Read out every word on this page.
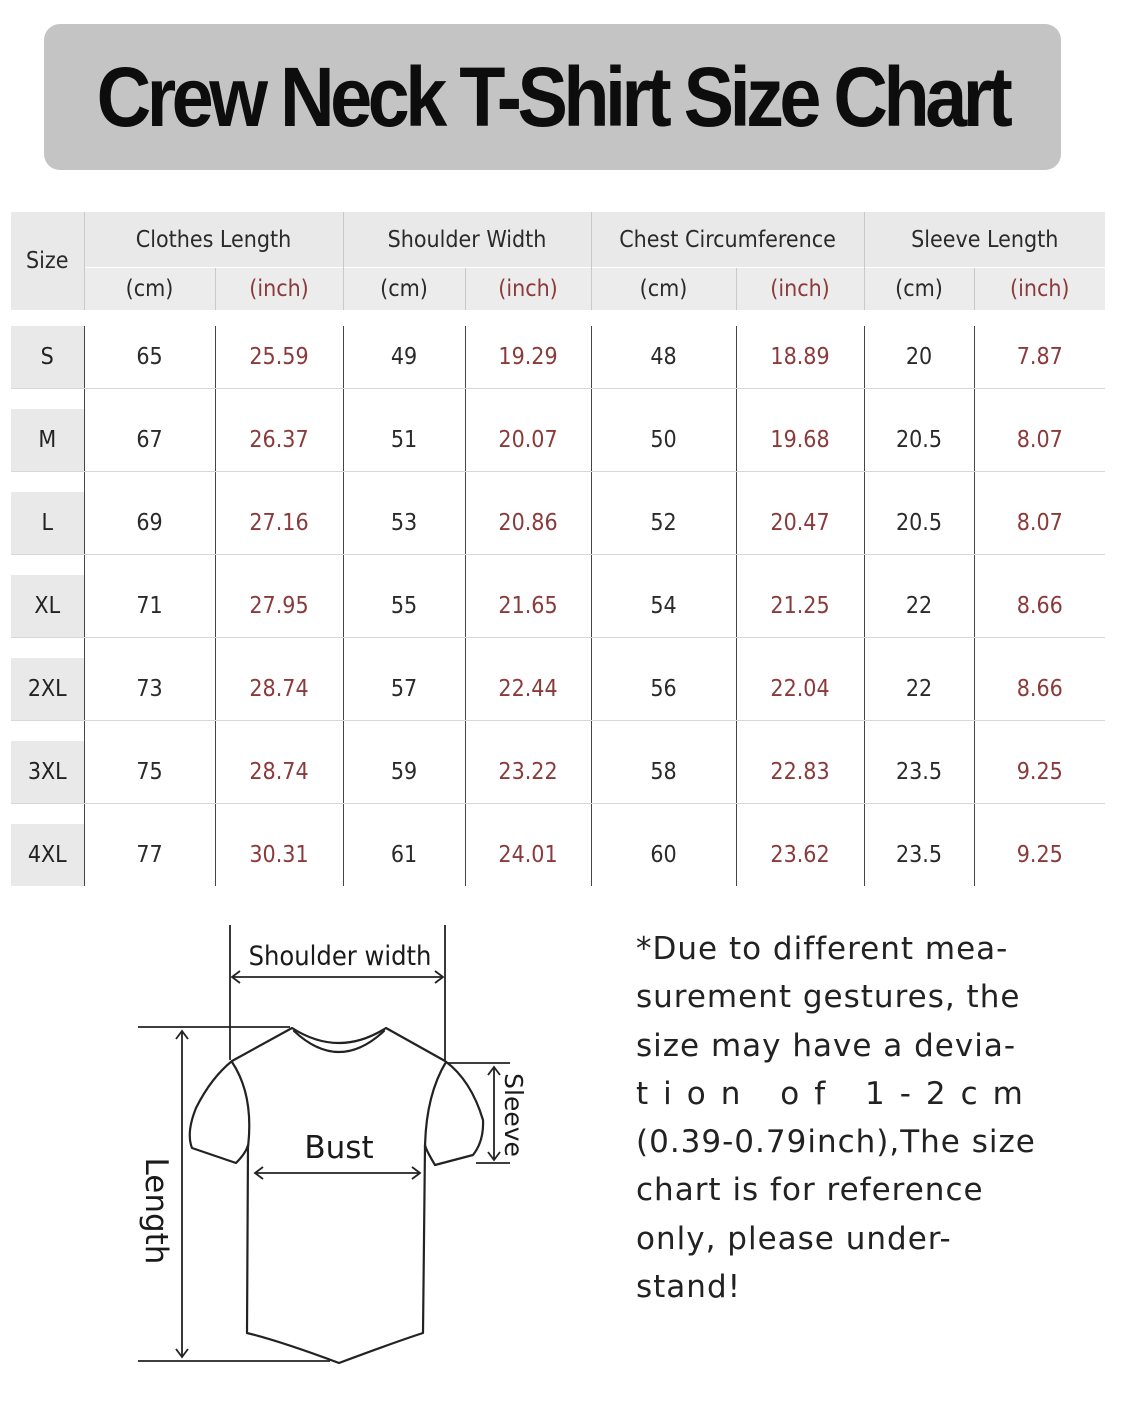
Crew Neck T-Shirt Size Chart
Size	Clothes Length		Shoulder Width		Chest Circumference		Sleeve Length	
	(cm)	(inch)	(cm)	(inch)	(cm)	(inch)	(cm)	(inch)

S	65	25.59	49	19.29	48	18.89	20	7.87

M	67	26.37	51	20.07	50	19.68	20.5	8.07

L	69	27.16	53	20.86	52	20.47	20.5	8.07

XL	71	27.95	55	21.65	54	21.25	22	8.66

2XL	73	28.74	57	22.44	56	22.04	22	8.66

3XL	75	28.74	59	23.22	58	22.83	23.5	9.25

4XL	77	30.31	61	24.01	60	23.62	23.5	9.25
Shoulder width
Bust	Sleeve
Length
*Due to different mea-
surement gestures, the
size may have a devia-
tion of 1-2cm
(0.39-0.79inch),The size
chart is for reference
only, please under-
stand!
